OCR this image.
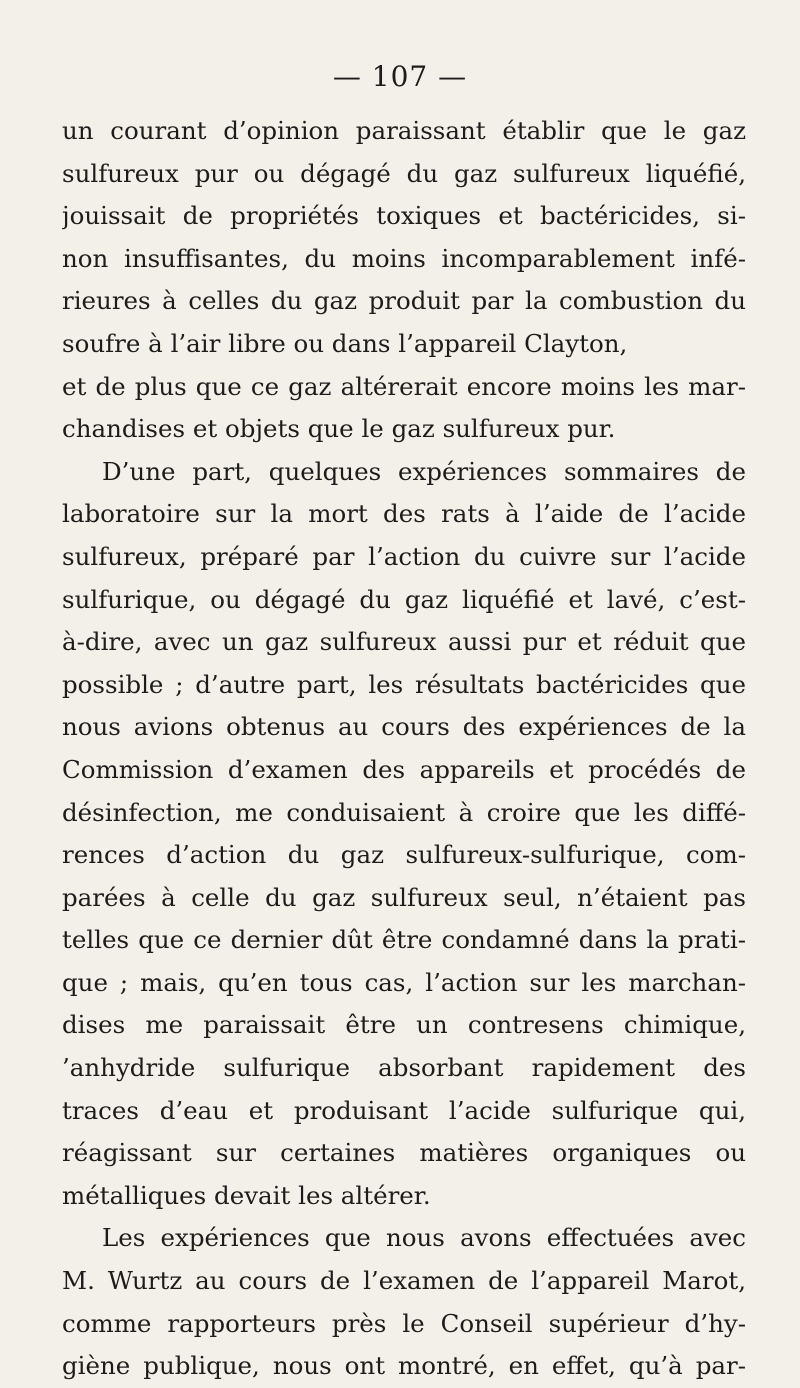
— 107 —
un courant d’opinion paraissant établir que le gaz
sulfureux pur ou dégagé du gaz sulfureux liquéfié,
jouissait de propriétés toxiques et bactéricides, si-
non insuffisantes, du moins incomparablement infé-
rieures à celles du gaz produit par la combustion du
soufre à l’air libre ou dans l’appareil Clayton,
et de plus que ce gaz altérerait encore moins les mar-
chandises et objets que le gaz sulfureux pur.
D’une part, quelques expériences sommaires de
laboratoire sur la mort des rats à l’aide de l’acide
sulfureux, préparé par l’action du cuivre sur l’acide
sulfurique, ou dégagé du gaz liquéfié et lavé, c’est-
à-dire, avec un gaz sulfureux aussi pur et réduit que
possible ; d’autre part, les résultats bactéricides que
nous avions obtenus au cours des expériences de la
Commission d’examen des appareils et procédés de
désinfection, me conduisaient à croire que les diffé-
rences d’action du gaz sulfureux-sulfurique, com-
parées à celle du gaz sulfureux seul, n’étaient pas
telles que ce dernier dût être condamné dans la prati-
que ; mais, qu’en tous cas, l’action sur les marchan-
dises me paraissait être un contresens chimique,
’anhydride sulfurique absorbant rapidement des
traces d’eau et produisant l’acide sulfurique qui,
réagissant sur certaines matières organiques ou
métalliques devait les altérer.
Les expériences que nous avons effectuées avec
M. Wurtz au cours de l’examen de l’appareil Marot,
comme rapporteurs près le Conseil supérieur d’hy-
giène publique, nous ont montré, en effet, qu’à par-
